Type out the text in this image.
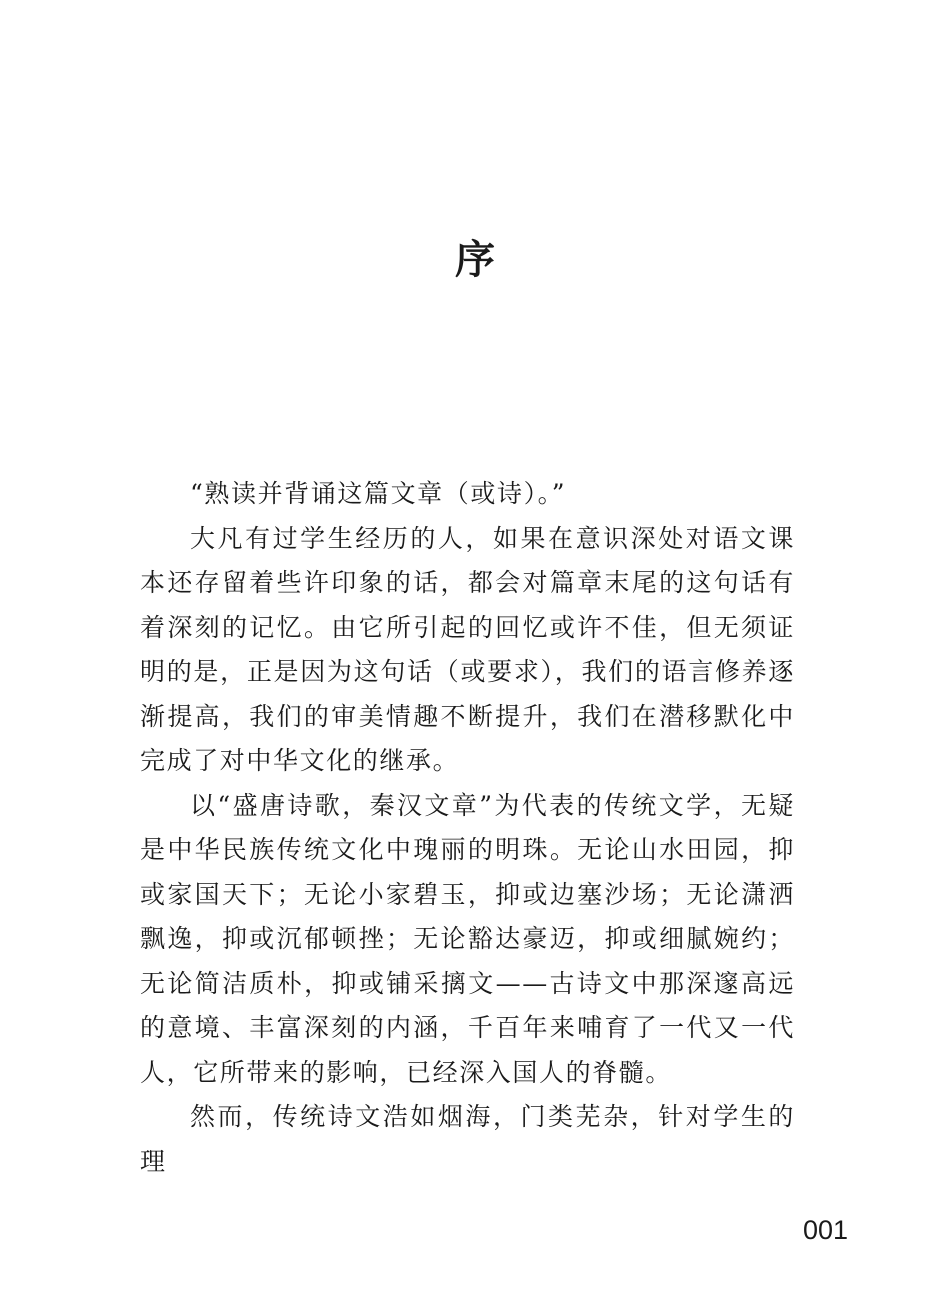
序

“熟读并背诵这篇文章（或诗）。”

大凡有过学生经历的人，如果在意识深处对语文课本还存留着些许印象的话，都会对篇章末尾的这句话有着深刻的记忆。由它所引起的回忆或许不佳，但无须证明的是，正是因为这句话（或要求），我们的语言修养逐渐提高，我们的审美情趣不断提升，我们在潜移默化中完成了对中华文化的继承。

以“盛唐诗歌，秦汉文章”为代表的传统文学，无疑是中华民族传统文化中瑰丽的明珠。无论山水田园，抑或家国天下；无论小家碧玉，抑或边塞沙场；无论潇洒飘逸，抑或沉郁顿挫；无论豁达豪迈，抑或细腻婉约；无论简洁质朴，抑或铺采摛文——古诗文中那深邃高远的意境、丰富深刻的内涵，千百年来哺育了一代又一代人，它所带来的影响，已经深入国人的脊髓。

然而，传统诗文浩如烟海，门类芜杂，针对学生的理

001
